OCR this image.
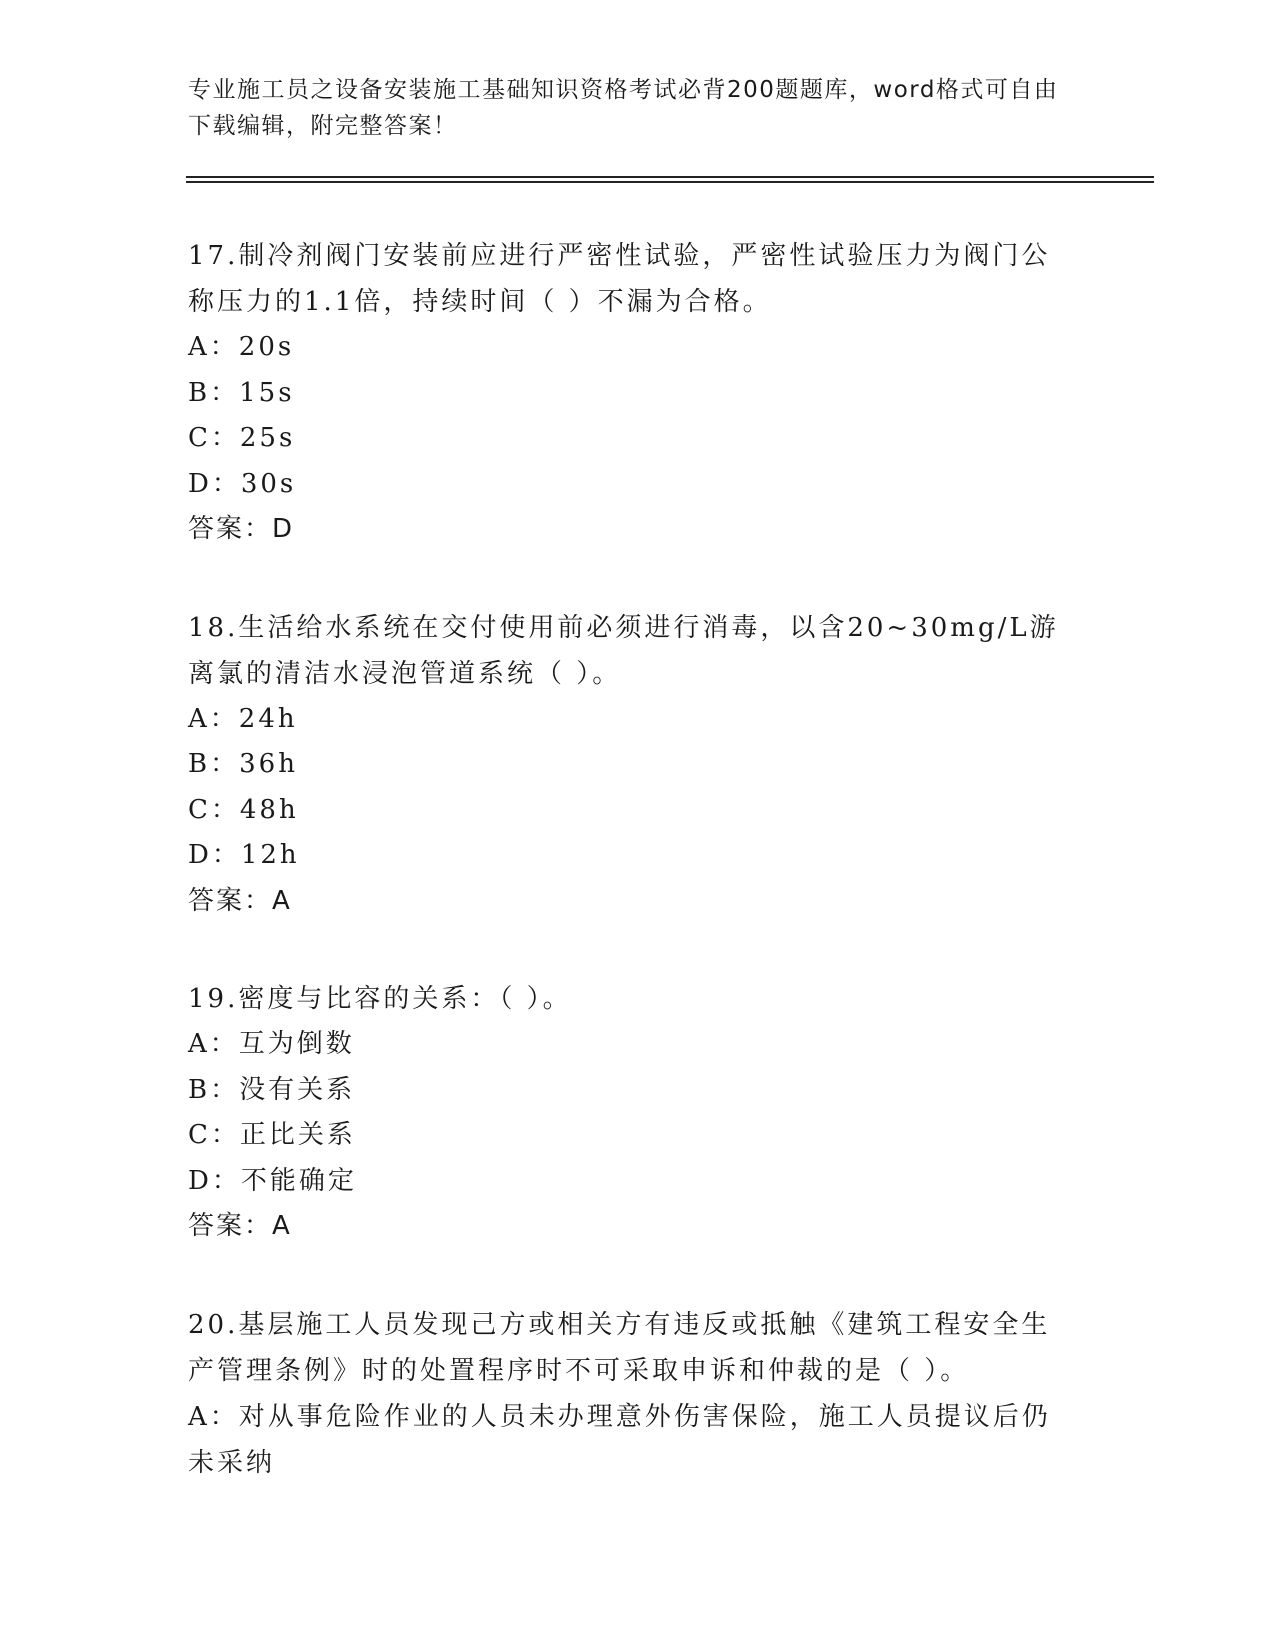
专业施工员之设备安装施工基础知识资格考试必背200题题库，word格式可自由下载编辑，附完整答案！

17.制冷剂阀门安装前应进行严密性试验，严密性试验压力为阀门公称压力的1.1倍，持续时间（ ）不漏为合格。

A：20s

B：15s

C：25s

D：30s

答案：D

18.生活给水系统在交付使用前必须进行消毒，以含20~30mg/L游离氯的清洁水浸泡管道系统（ ）。

A：24h

B：36h

C：48h

D：12h

答案：A

19.密度与比容的关系：（ ）。

A：互为倒数

B：没有关系

C：正比关系

D：不能确定

答案：A

20.基层施工人员发现己方或相关方有违反或抵触《建筑工程安全生产管理条例》时的处置程序时不可采取申诉和仲裁的是（ ）。

A：对从事危险作业的人员未办理意外伤害保险，施工人员提议后仍未采纳
